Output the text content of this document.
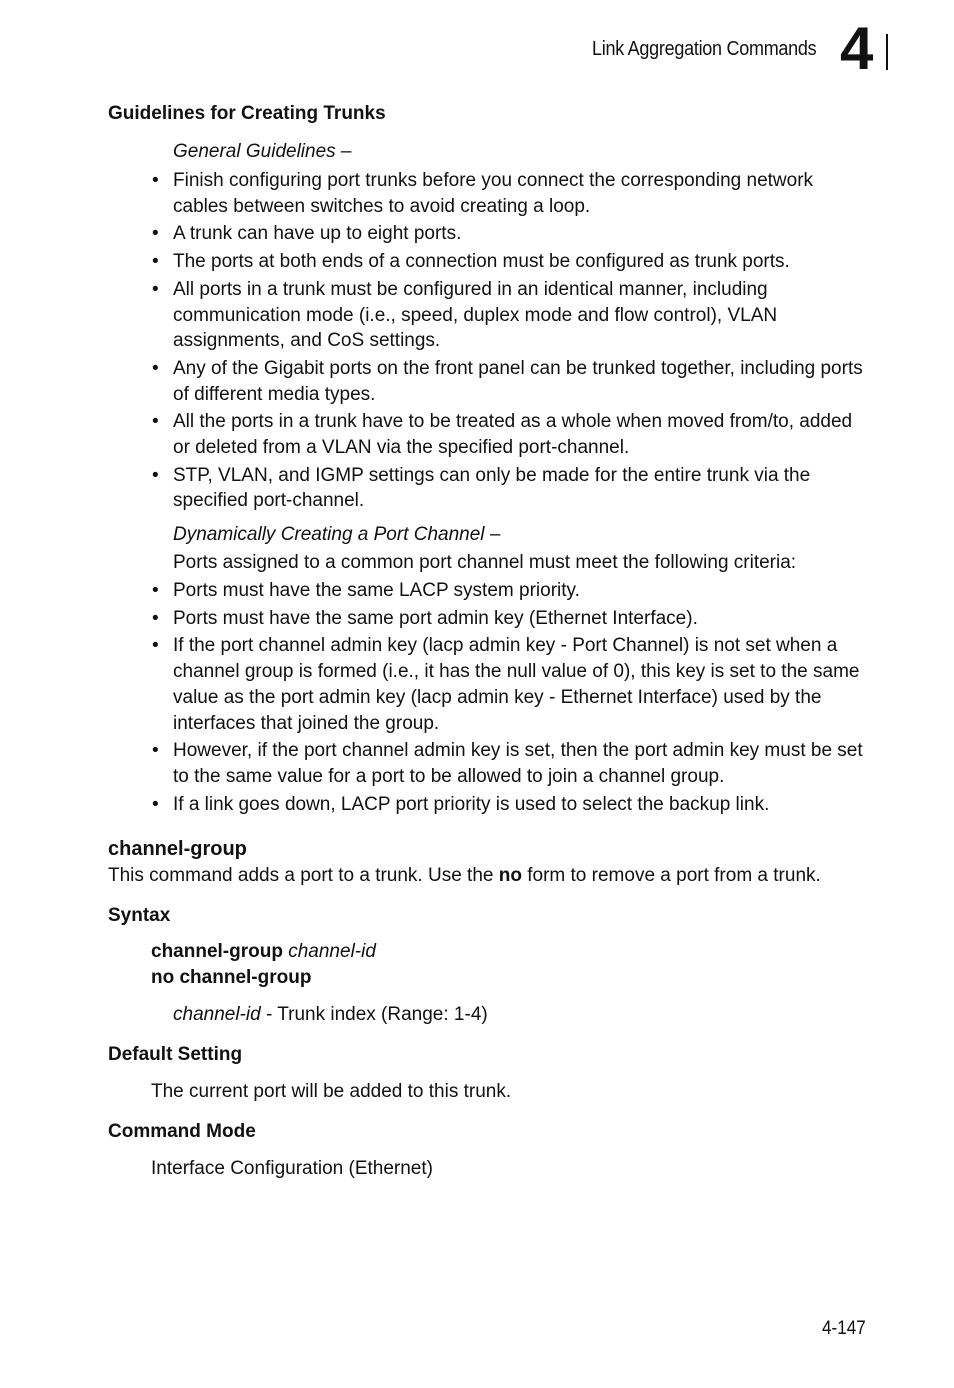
Link Aggregation Commands 4
Guidelines for Creating Trunks
General Guidelines –
• Finish configuring port trunks before you connect the corresponding network cables between switches to avoid creating a loop.
• A trunk can have up to eight ports.
• The ports at both ends of a connection must be configured as trunk ports.
• All ports in a trunk must be configured in an identical manner, including communication mode (i.e., speed, duplex mode and flow control), VLAN assignments, and CoS settings.
• Any of the Gigabit ports on the front panel can be trunked together, including ports of different media types.
• All the ports in a trunk have to be treated as a whole when moved from/to, added or deleted from a VLAN via the specified port-channel.
• STP, VLAN, and IGMP settings can only be made for the entire trunk via the specified port-channel.
Dynamically Creating a Port Channel –
Ports assigned to a common port channel must meet the following criteria:
• Ports must have the same LACP system priority.
• Ports must have the same port admin key (Ethernet Interface).
• If the port channel admin key (lacp admin key - Port Channel) is not set when a channel group is formed (i.e., it has the null value of 0), this key is set to the same value as the port admin key (lacp admin key - Ethernet Interface) used by the interfaces that joined the group.
• However, if the port channel admin key is set, then the port admin key must be set to the same value for a port to be allowed to join a channel group.
• If a link goes down, LACP port priority is used to select the backup link.
channel-group
This command adds a port to a trunk. Use the no form to remove a port from a trunk.
Syntax
channel-group channel-id
no channel-group
channel-id - Trunk index (Range: 1-4)
Default Setting
The current port will be added to this trunk.
Command Mode
Interface Configuration (Ethernet)
4-147
